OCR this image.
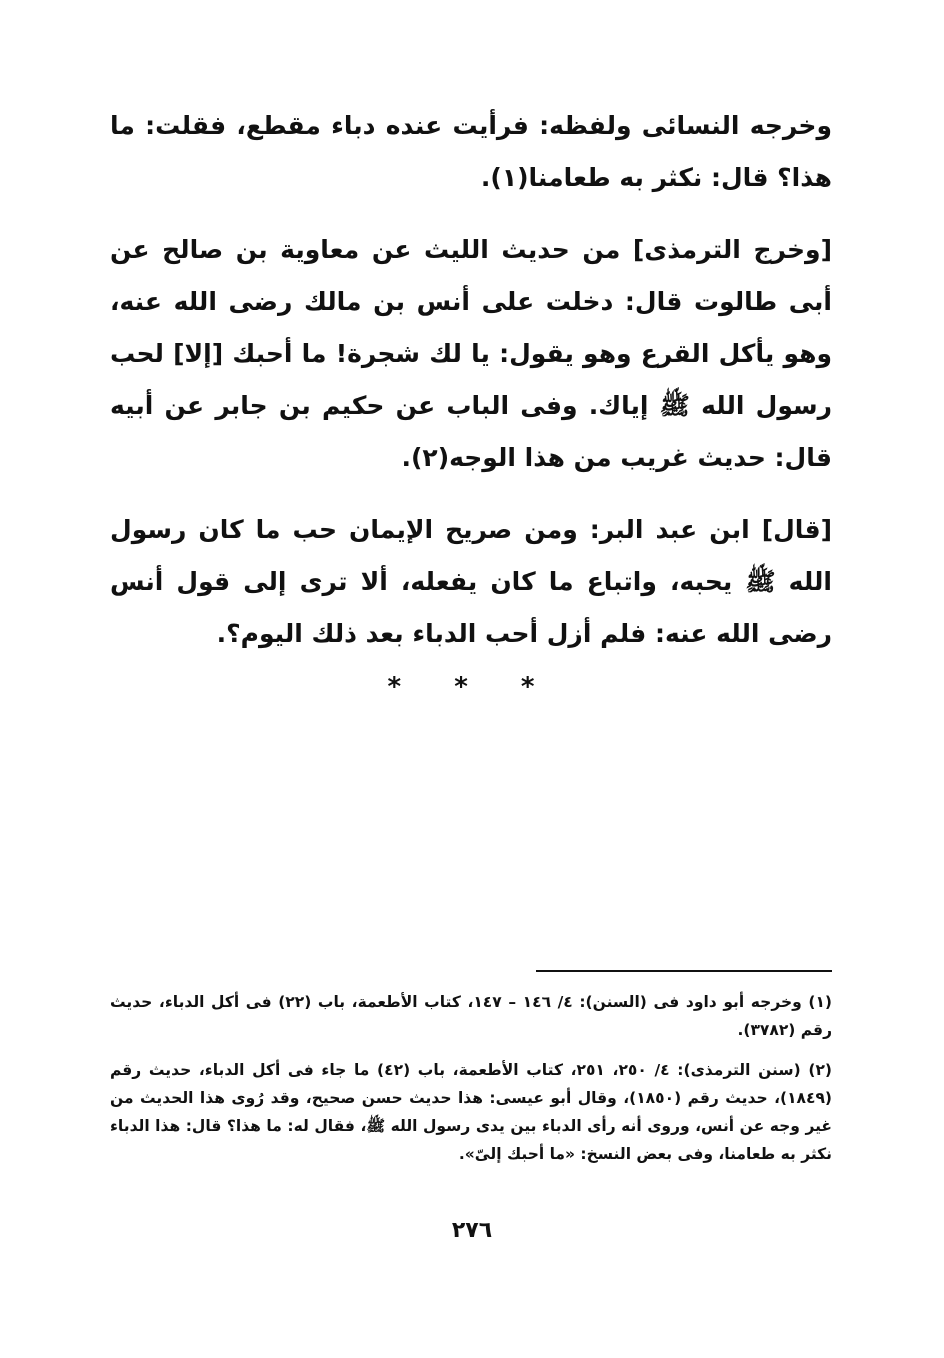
وخرجه النسائى ولفظه: فرأيت عنده دباء مقطع، فقلت: ما هذا؟ قال: نكثر به طعامنا(١).

[وخرج الترمذى] من حديث الليث عن معاوية بن صالح عن أبى طالوت قال: دخلت على أنس بن مالك رضى الله عنه، وهو يأكل القرع وهو يقول: يا لك شجرة! ما أحبك [إلا] لحب رسول الله ﷺ إياك. وفى الباب عن حكيم بن جابر عن أبيه قال: حديث غريب من هذا الوجه(٢).

[قال] ابن عبد البر: ومن صريح الإيمان حب ما كان رسول الله ﷺ يحبه، واتباع ما كان يفعله، ألا ترى إلى قول أنس رضى الله عنه: فلم أزل أحب الدباء بعد ذلك اليوم؟.

* * *

(١) وخرجه أبو داود فى (السنن): ٤/ ١٤٦ – ١٤٧، كتاب الأطعمة، باب (٢٢) فى أكل الدباء، حديث رقم (٣٧٨٢).

(٢) (سنن الترمذى): ٤/ ٢٥٠، ٢٥١، كتاب الأطعمة، باب (٤٢) ما جاء فى أكل الدباء، حديث رقم (١٨٤٩)، حديث رقم (١٨٥٠)، وقال أبو عيسى: هذا حديث حسن صحيح، وقد رُوى هذا الحديث من غير وجه عن أنس، وروى أنه رأى الدباء بين يدى رسول الله ﷺ، فقال له: ما هذا؟ قال: هذا الدباء نكثر به طعامنا، وفى بعض النسخ: «ما أحبك إلىّ».

٢٧٦
